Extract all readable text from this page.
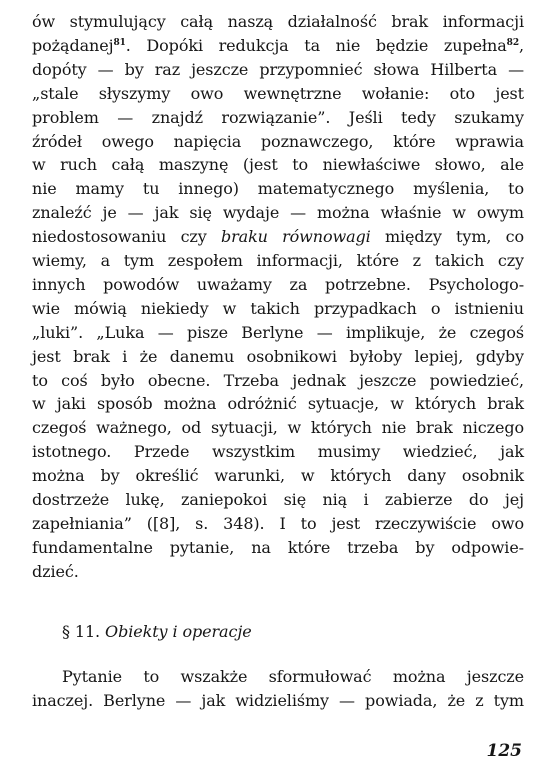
ów stymulujący całą naszą działalność brak informacji
pożądanej$^{81}$. Dopóki redukcja ta nie będzie zupełna$^{82}$,
dopóty — by raz jeszcze przypomnieć słowa Hilberta —
„stale słyszymy owo wewnętrzne wołanie: oto jest
problem — znajdź rozwiązanie”. Jeśli tedy szukamy
źródeł owego napięcia poznawczego, które wprawia
w ruch całą maszynę (jest to niewłaściwe słowo, ale
nie mamy tu innego) matematycznego myślenia, to
znaleźć je — jak się wydaje — można właśnie w owym
niedostosowaniu czy braku równowagi między tym, co
wiemy, a tym zespołem informacji, które z takich czy
innych powodów uważamy za potrzebne. Psychologo-
wie mówią niekiedy w takich przypadkach o istnieniu
„luki”. „Luka — pisze Berlyne — implikuje, że czegoś
jest brak i że danemu osobnikowi byłoby lepiej, gdyby
to coś było obecne. Trzeba jednak jeszcze powiedzieć,
w jaki sposób można odróżnić sytuacje, w których brak
czegoś ważnego, od sytuacji, w których nie brak niczego
istotnego. Przede wszystkim musimy wiedzieć, jak
można by określić warunki, w których dany osobnik
dostrzeże lukę, zaniepokoi się nią i zabierze do jej
zapełniania” ([8], s. 348). I to jest rzeczywiście owo
fundamentalne pytanie, na które trzeba by odpowie-
dzieć.
§ 11. Obiekty i operacje
Pytanie to wszakże sformułować można jeszcze
inaczej. Berlyne — jak widzieliśmy — powiada, że z tym
125
